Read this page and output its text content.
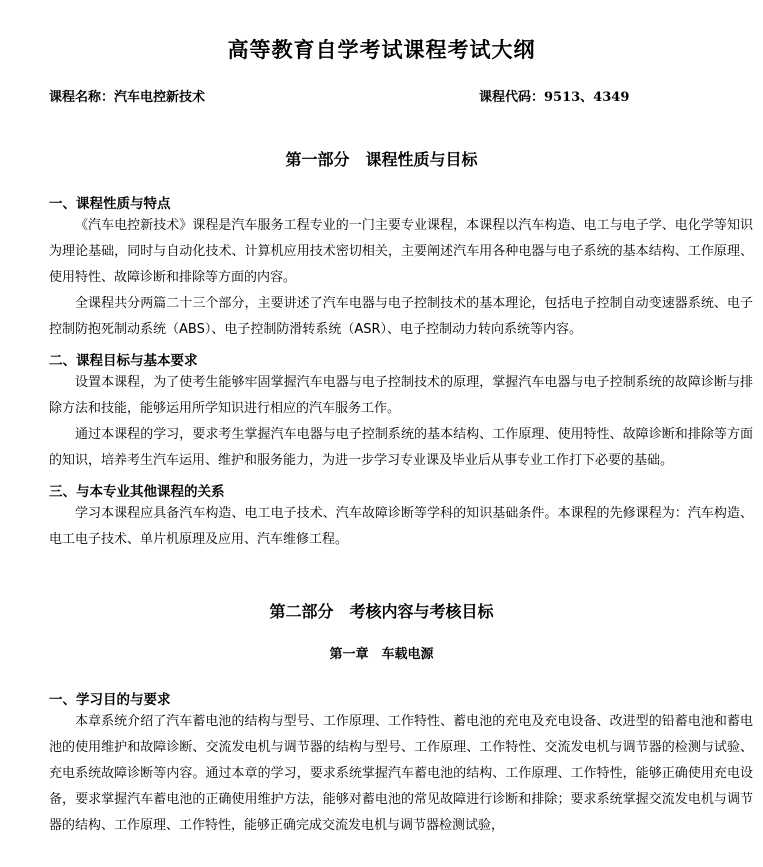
高等教育自学考试课程考试大纲
课程名称：汽车电控新技术	课程代码：9513、4349
第一部分　课程性质与目标
一、课程性质与特点

《汽车电控新技术》课程是汽车服务工程专业的一门主要专业课程，本课程以汽车构造、电工与电子学、电化学等知识为理论基础，同时与自动化技术、计算机应用技术密切相关，主要阐述汽车用各种电器与电子系统的基本结构、工作原理、使用特性、故障诊断和排除等方面的内容。

全课程共分两篇二十三个部分，主要讲述了汽车电器与电子控制技术的基本理论，包括电子控制自动变速器系统、电子控制防抱死制动系统（ABS）、电子控制防滑转系统（ASR）、电子控制动力转向系统等内容。

二、课程目标与基本要求

设置本课程，为了使考生能够牢固掌握汽车电器与电子控制技术的原理，掌握汽车电器与电子控制系统的故障诊断与排除方法和技能，能够运用所学知识进行相应的汽车服务工作。

通过本课程的学习，要求考生掌握汽车电器与电子控制系统的基本结构、工作原理、使用特性、故障诊断和排除等方面的知识，培养考生汽车运用、维护和服务能力，为进一步学习专业课及毕业后从事专业工作打下必要的基础。

三、与本专业其他课程的关系

学习本课程应具备汽车构造、电工电子技术、汽车故障诊断等学科的知识基础条件。本课程的先修课程为：汽车构造、电工电子技术、单片机原理及应用、汽车维修工程。

第二部分　考核内容与考核目标
第一章　车载电源
一、学习目的与要求

本章系统介绍了汽车蓄电池的结构与型号、工作原理、工作特性、蓄电池的充电及充电设备、改进型的铅蓄电池和蓄电池的使用维护和故障诊断、交流发电机与调节器的结构与型号、工作原理、工作特性、交流发电机与调节器的检测与试验、充电系统故障诊断等内容。通过本章的学习，要求系统掌握汽车蓄电池的结构、工作原理、工作特性，能够正确使用充电设备，要求掌握汽车蓄电池的正确使用维护方法，能够对蓄电池的常见故障进行诊断和排除；要求系统掌握交流发电机与调节器的结构、工作原理、工作特性，能够正确完成交流发电机与调节器检测试验，
